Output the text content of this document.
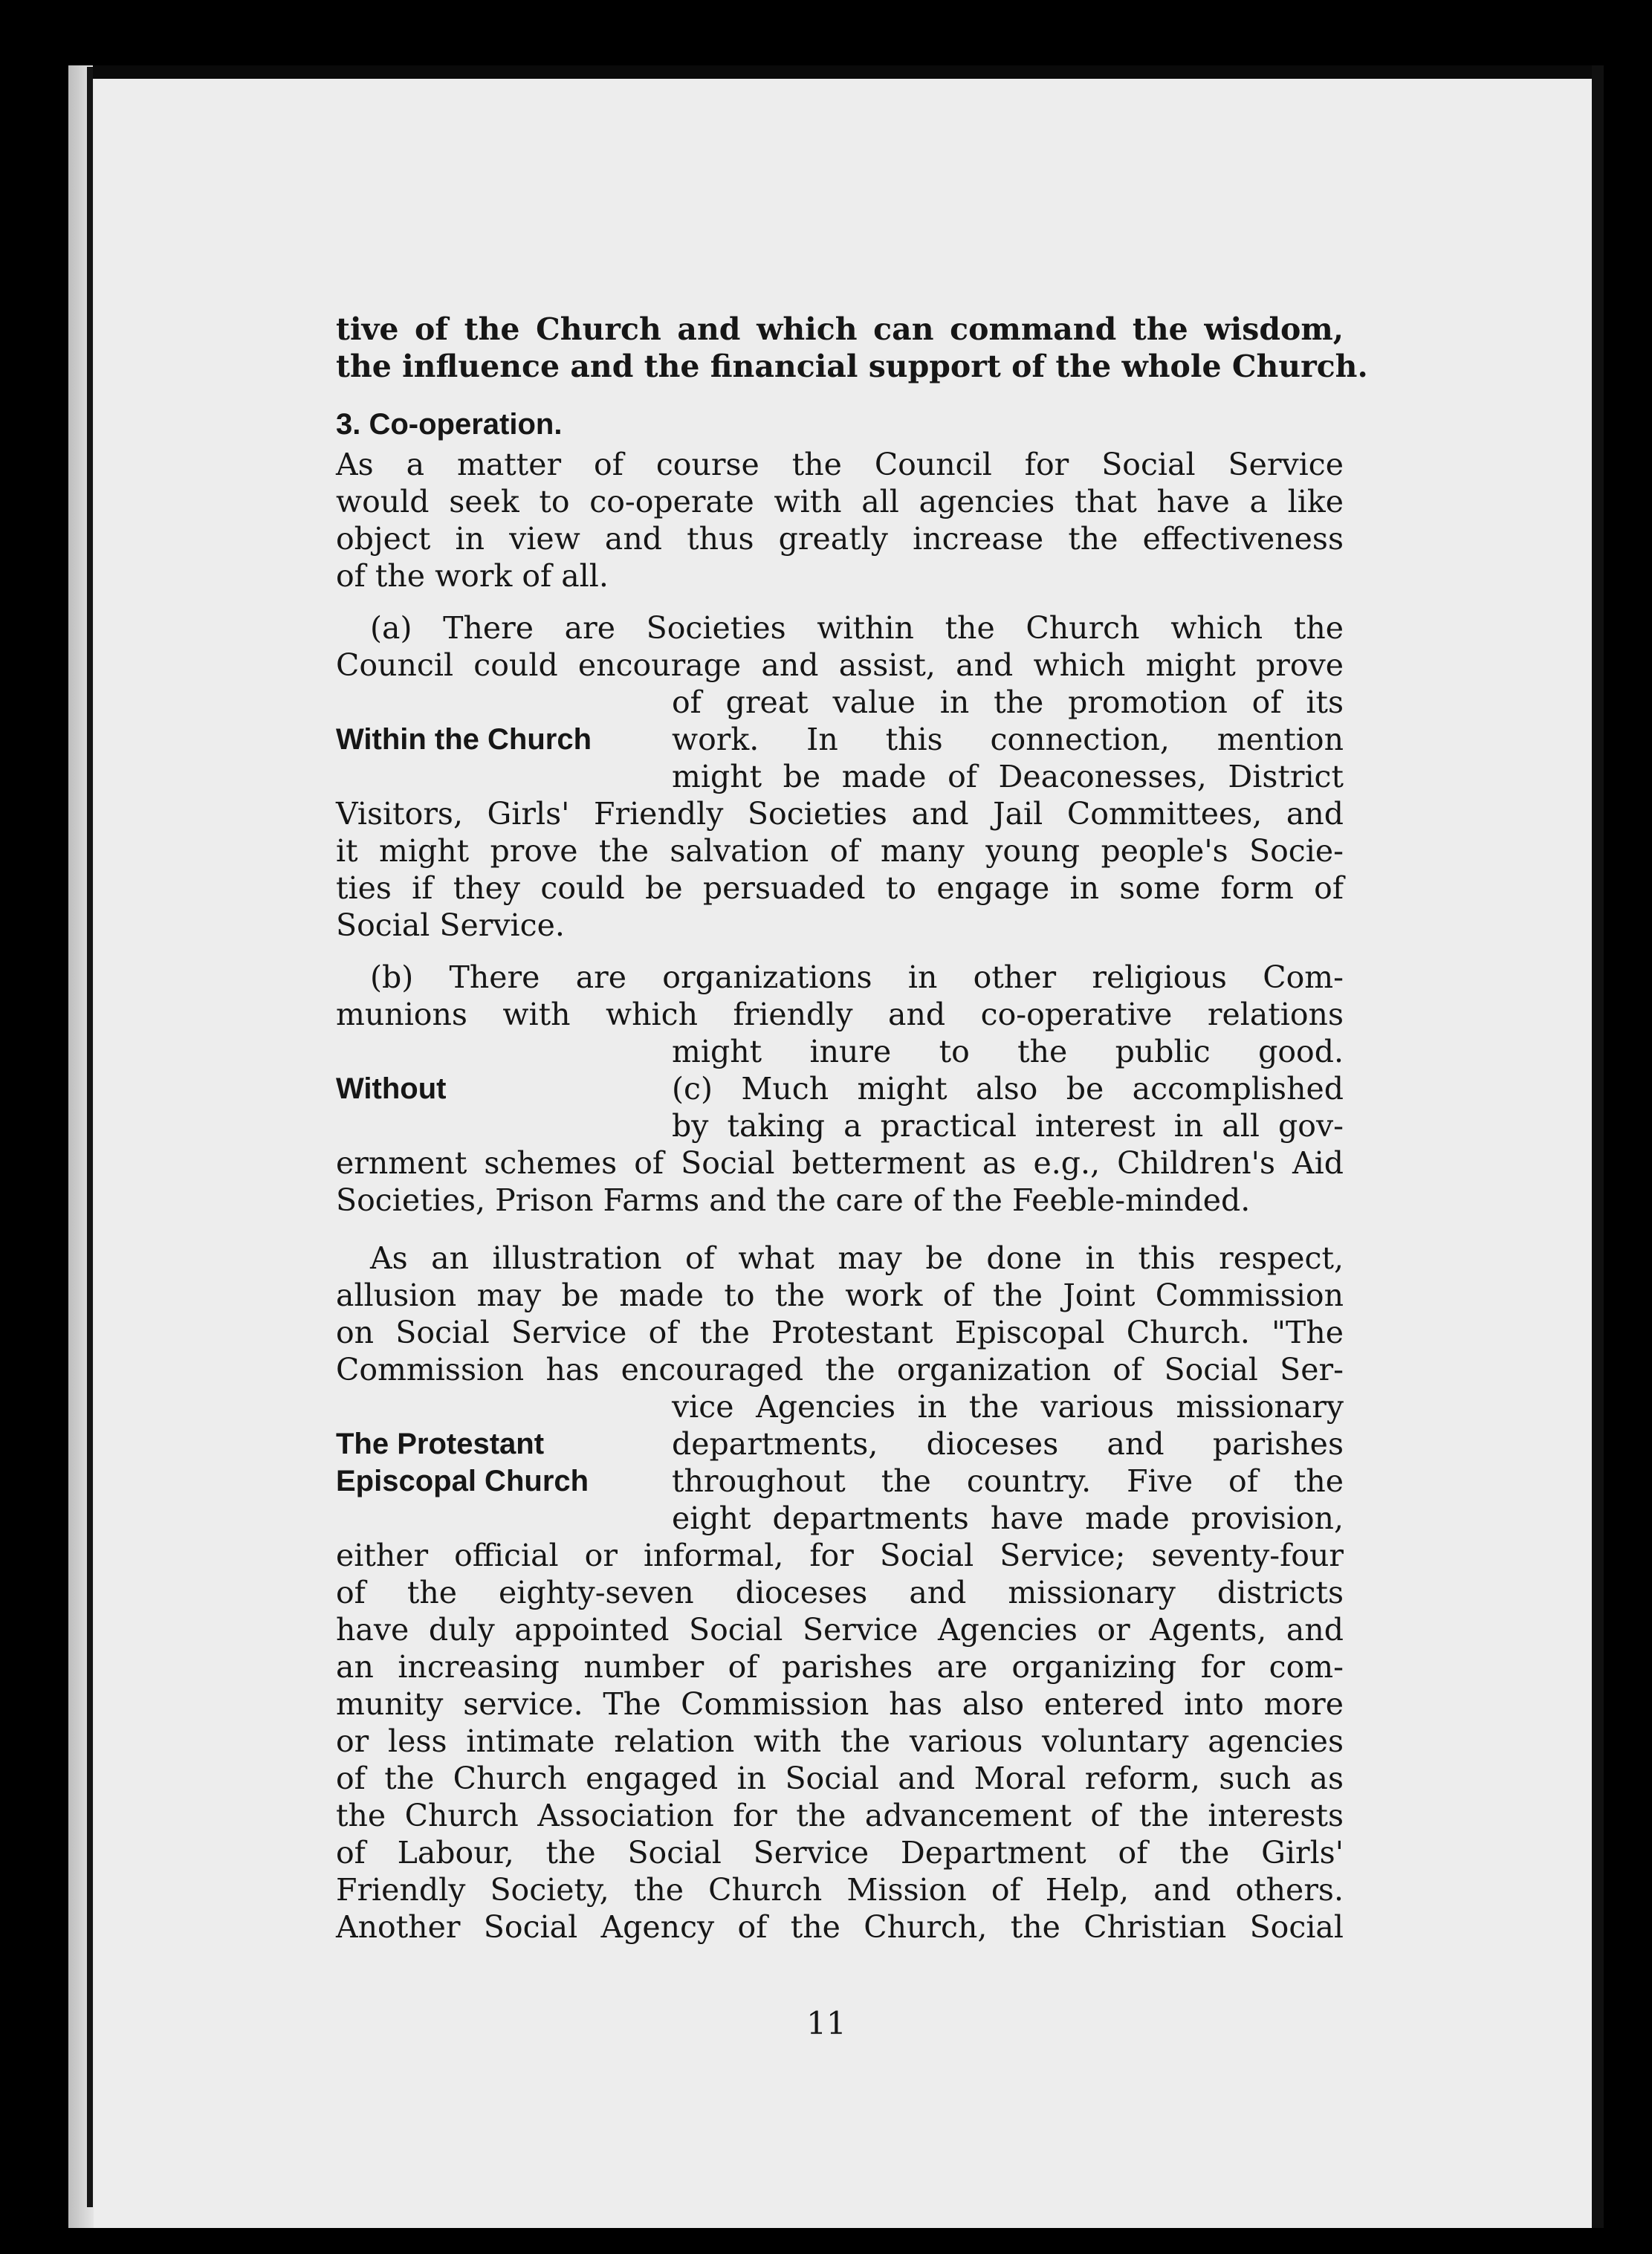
tive of the Church and which can command the wisdom,
the influence and the financial support of the whole Church.
3. Co-operation.
As a matter of course the Council for Social Service
would seek to co-operate with all agencies that have a like
object in view and thus greatly increase the effectiveness
of the work of all.
(a) There are Societies within the Church which the
Council could encourage and assist, and which might prove
Within the Church
of great value in the promotion of its
work. In this connection, mention
might be made of Deaconesses, District
Visitors, Girls' Friendly Societies and Jail Committees, and
it might prove the salvation of many young people's Socie-
ties if they could be persuaded to engage in some form of
Social Service.
(b) There are organizations in other religious Com-
munions with which friendly and co-operative relations
Without
might inure to the public good.
(c) Much might also be accomplished
by taking a practical interest in all gov-
ernment schemes of Social betterment as e.g., Children's Aid
Societies, Prison Farms and the care of the Feeble-minded.
As an illustration of what may be done in this respect,
allusion may be made to the work of the Joint Commission
on Social Service of the Protestant Episcopal Church. "The
Commission has encouraged the organization of Social Ser-
The Protestant
Episcopal Church
vice Agencies in the various missionary
departments, dioceses and parishes
throughout the country. Five of the
eight departments have made provision,
either official or informal, for Social Service; seventy-four
of the eighty-seven dioceses and missionary districts
have duly appointed Social Service Agencies or Agents, and
an increasing number of parishes are organizing for com-
munity service. The Commission has also entered into more
or less intimate relation with the various voluntary agencies
of the Church engaged in Social and Moral reform, such as
the Church Association for the advancement of the interests
of Labour, the Social Service Department of the Girls'
Friendly Society, the Church Mission of Help, and others.
Another Social Agency of the Church, the Christian Social
11
